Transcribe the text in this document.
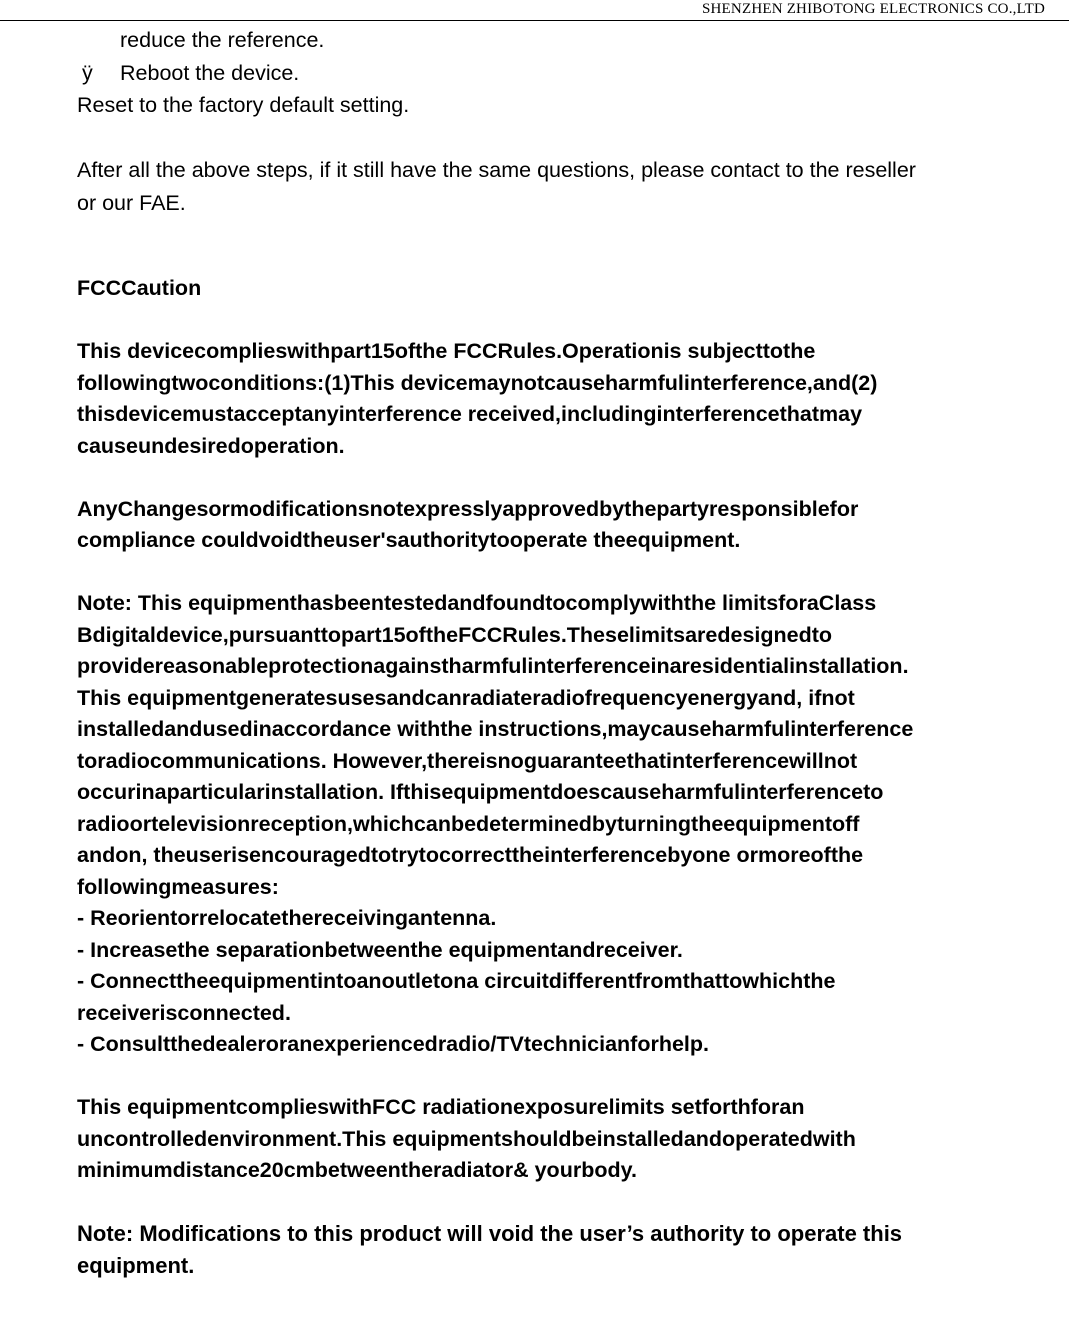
SHENZHEN ZHIBOTONG ELECTRONICS CO.,LTD

reduce the reference.

ÿ Reboot the device.

Reset to the factory default setting.

After all the above steps, if it still have the same questions, please contact to the reseller

or our FAE.

FCCCaution

This devicecomplieswithpart15ofthe FCCRules.Operationis subjecttothe

followingtwoconditions:(1)This devicemaynotcauseharmfulinterference,and(2)

thisdevicemustacceptanyinterference received,includinginterferencethatmay

causeundesiredoperation.

AnyChangesormodificationsnotexpresslyapprovedbythepartyresponsiblefor

compliance couldvoidtheuser'sauthoritytooperate theequipment.

Note: This equipmenthasbeentestedandfoundtocomplywiththe limitsforaClass

Bdigitaldevice,pursuanttopart15oftheFCCRules.Theselimitsaredesignedto

providereasonableprotectionagainstharmfulinterferenceinaresidentialinstallation.

This equipmentgeneratesusesandcanradiateradiofrequencyenergyand, ifnot

installedandusedinaccordance withthe instructions,maycauseharmfulinterference

toradiocommunications. However,thereisnoguaranteethatinterferencewillnot

occurinaparticularinstallation. Ifthisequipmentdoescauseharmfulinterferenceto

radioortelevisionreception,whichcanbedeterminedbyturningtheequipmentoff

andon, theuserisencouragedtotrytocorrecttheinterferencebyone ormoreofthe

followingmeasures:

- Reorientorrelocatethereceivingantenna.

- Increasethe separationbetweenthe equipmentandreceiver.

- Connecttheequipmentintoanoutletona circuitdifferentfromthattowhichthe

receiverisconnected.

- Consultthedealeroranexperiencedradio/TVtechnicianforhelp.

This equipmentcomplieswithFCC radiationexposurelimits setforthforan

uncontrolledenvironment.This equipmentshouldbeinstalledandoperatedwith

minimumdistance20cmbetweentheradiator& yourbody.

Note: Modifications to this product will void the user’s authority to operate this

equipment.
